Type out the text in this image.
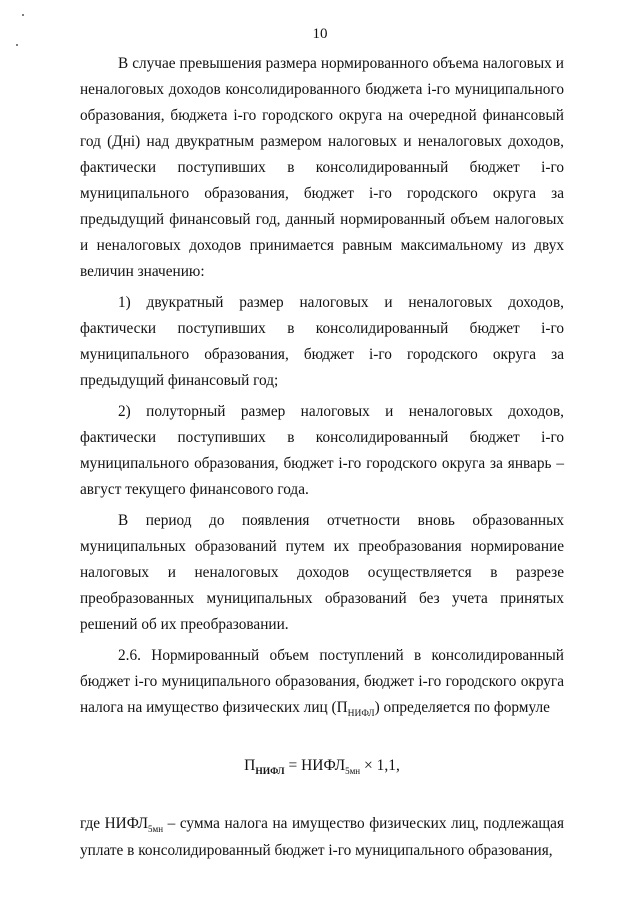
10

В случае превышения размера нормированного объема налоговых и неналоговых доходов консолидированного бюджета і-го муниципального образования, бюджета і-го городского округа на очередной финансовый год (Днi) над двукратным размером налоговых и неналоговых доходов, фактически поступивших в консолидированный бюджет і-го муниципального образования, бюджет і-го городского округа за предыдущий финансовый год, данный нормированный объем налоговых и неналоговых доходов принимается равным максимальному из двух величин значению:

1) двукратный размер налоговых и неналоговых доходов, фактически поступивших в консолидированный бюджет і-го муниципального образования, бюджет і-го городского округа за предыдущий финансовый год;

2) полуторный размер налоговых и неналоговых доходов, фактически поступивших в консолидированный бюджет і-го муниципального образования, бюджет і-го городского округа за январь – август текущего финансового года.

В период до появления отчетности вновь образованных муниципальных образований путем их преобразования нормирование налоговых и неналоговых доходов осуществляется в разрезе преобразованных муниципальных образований без учета принятых решений об их преобразовании.

2.6. Нормированный объем поступлений в консолидированный бюджет і-го муниципального образования, бюджет і-го городского округа налога на имущество физических лиц $(П_{НИФЛ})$ определяется по формуле

$П_{НИФЛ}$ = $НИФЛ_{5мн} \times 1,1$,

где $НИФЛ_{5мн}$ – сумма налога на имущество физических лиц, подлежащая уплате в консолидированный бюджет і-го муниципального образования,
